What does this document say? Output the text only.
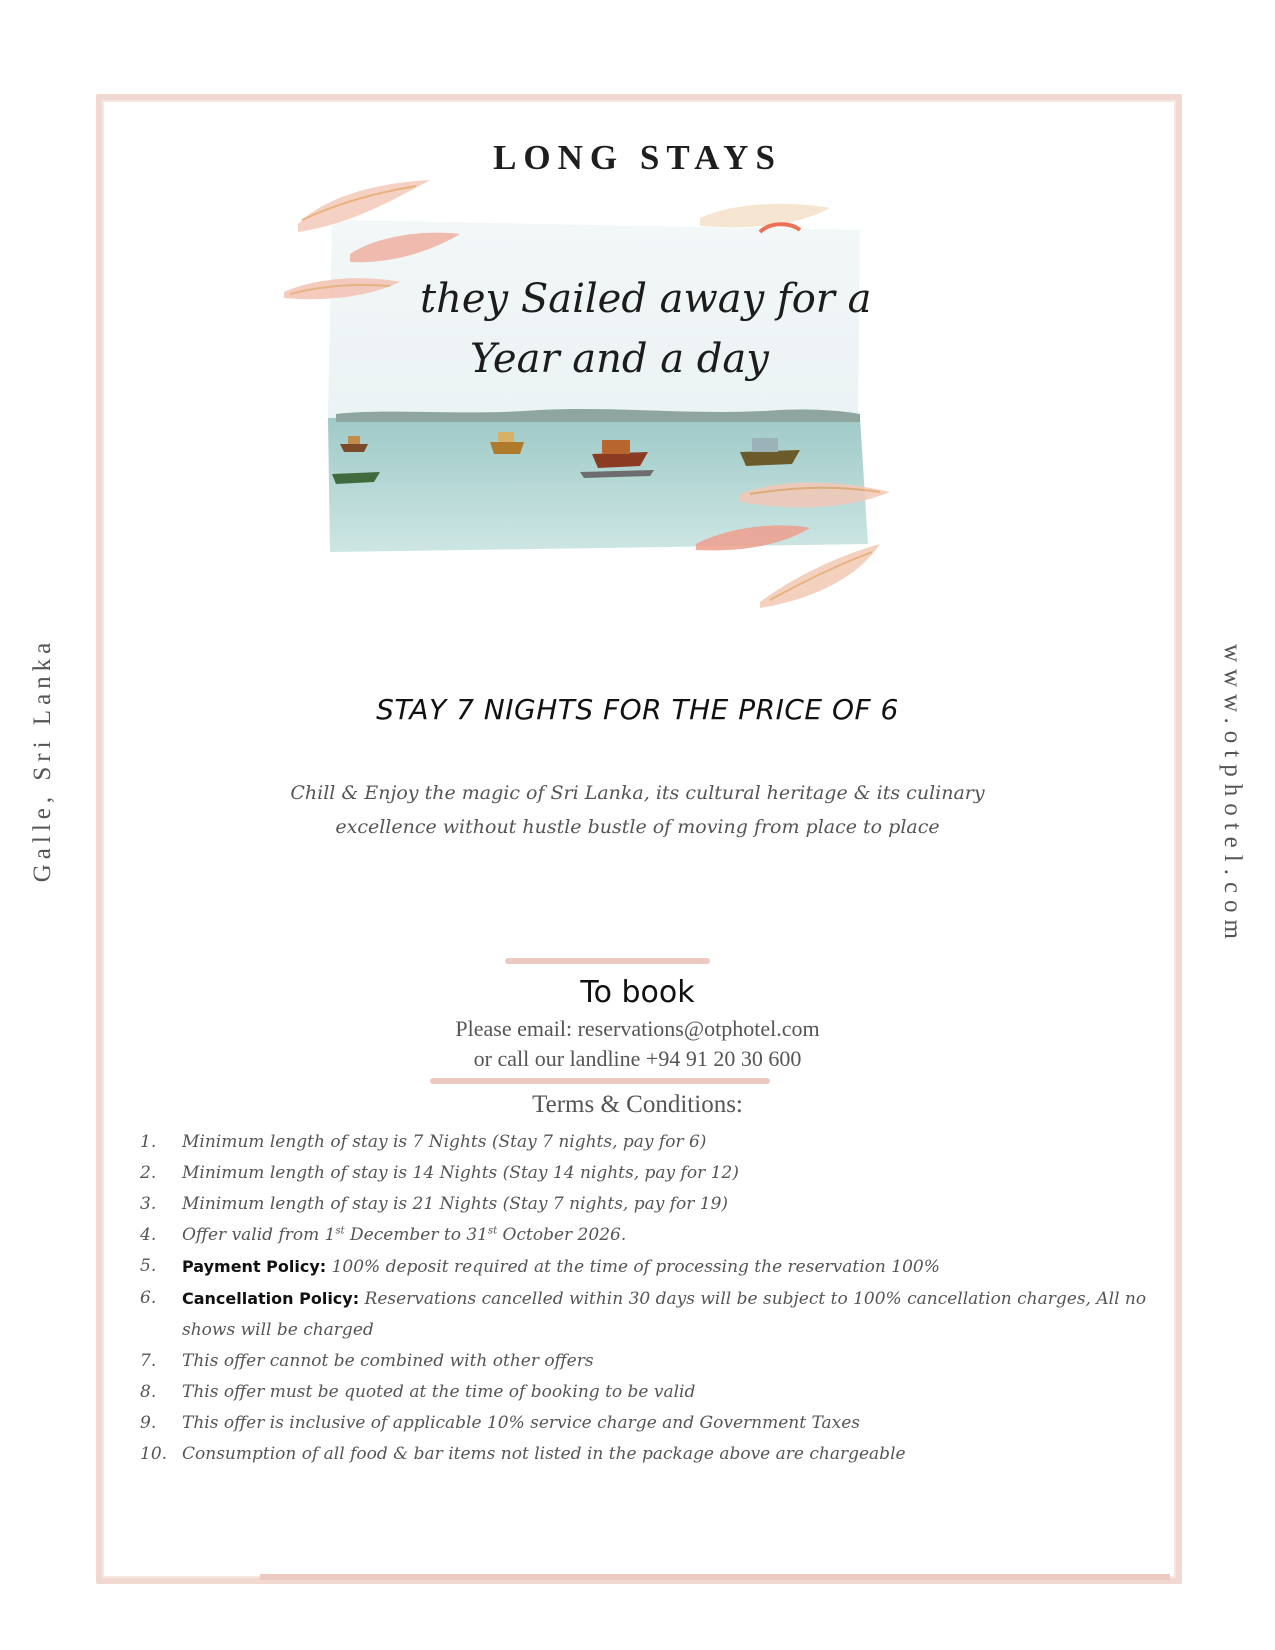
Galle, Sri Lanka	www.otphotel.com
LONG STAYS
they Sailed away for a
Year and a day
STAY 7 NIGHTS FOR THE PRICE OF 6
Chill & Enjoy the magic of Sri Lanka, its cultural heritage & its culinary
excellence without hustle bustle of moving from place to place
To book
Please email: reservations@otphotel.com
or call our landline +94 91 20 30 600
Terms & Conditions:
1.	Minimum length of stay is 7 Nights (Stay 7 nights, pay for 6)
2.	Minimum length of stay is 14 Nights (Stay 14 nights, pay for 12)
3.	Minimum length of stay is 21 Nights (Stay 7 nights, pay for 19)
4.	Offer valid from 1st December to 31st October 2026.
5.	Payment Policy: 100% deposit required at the time of processing the reservation 100%
6.	Cancellation Policy: Reservations cancelled within 30 days will be subject to 100% cancellation charges, All no shows will be charged
7.	This offer cannot be combined with other offers
8.	This offer must be quoted at the time of booking to be valid
9.	This offer is inclusive of applicable 10% service charge and Government Taxes
10. Consumption of all food & bar items not listed in the package above are chargeable
